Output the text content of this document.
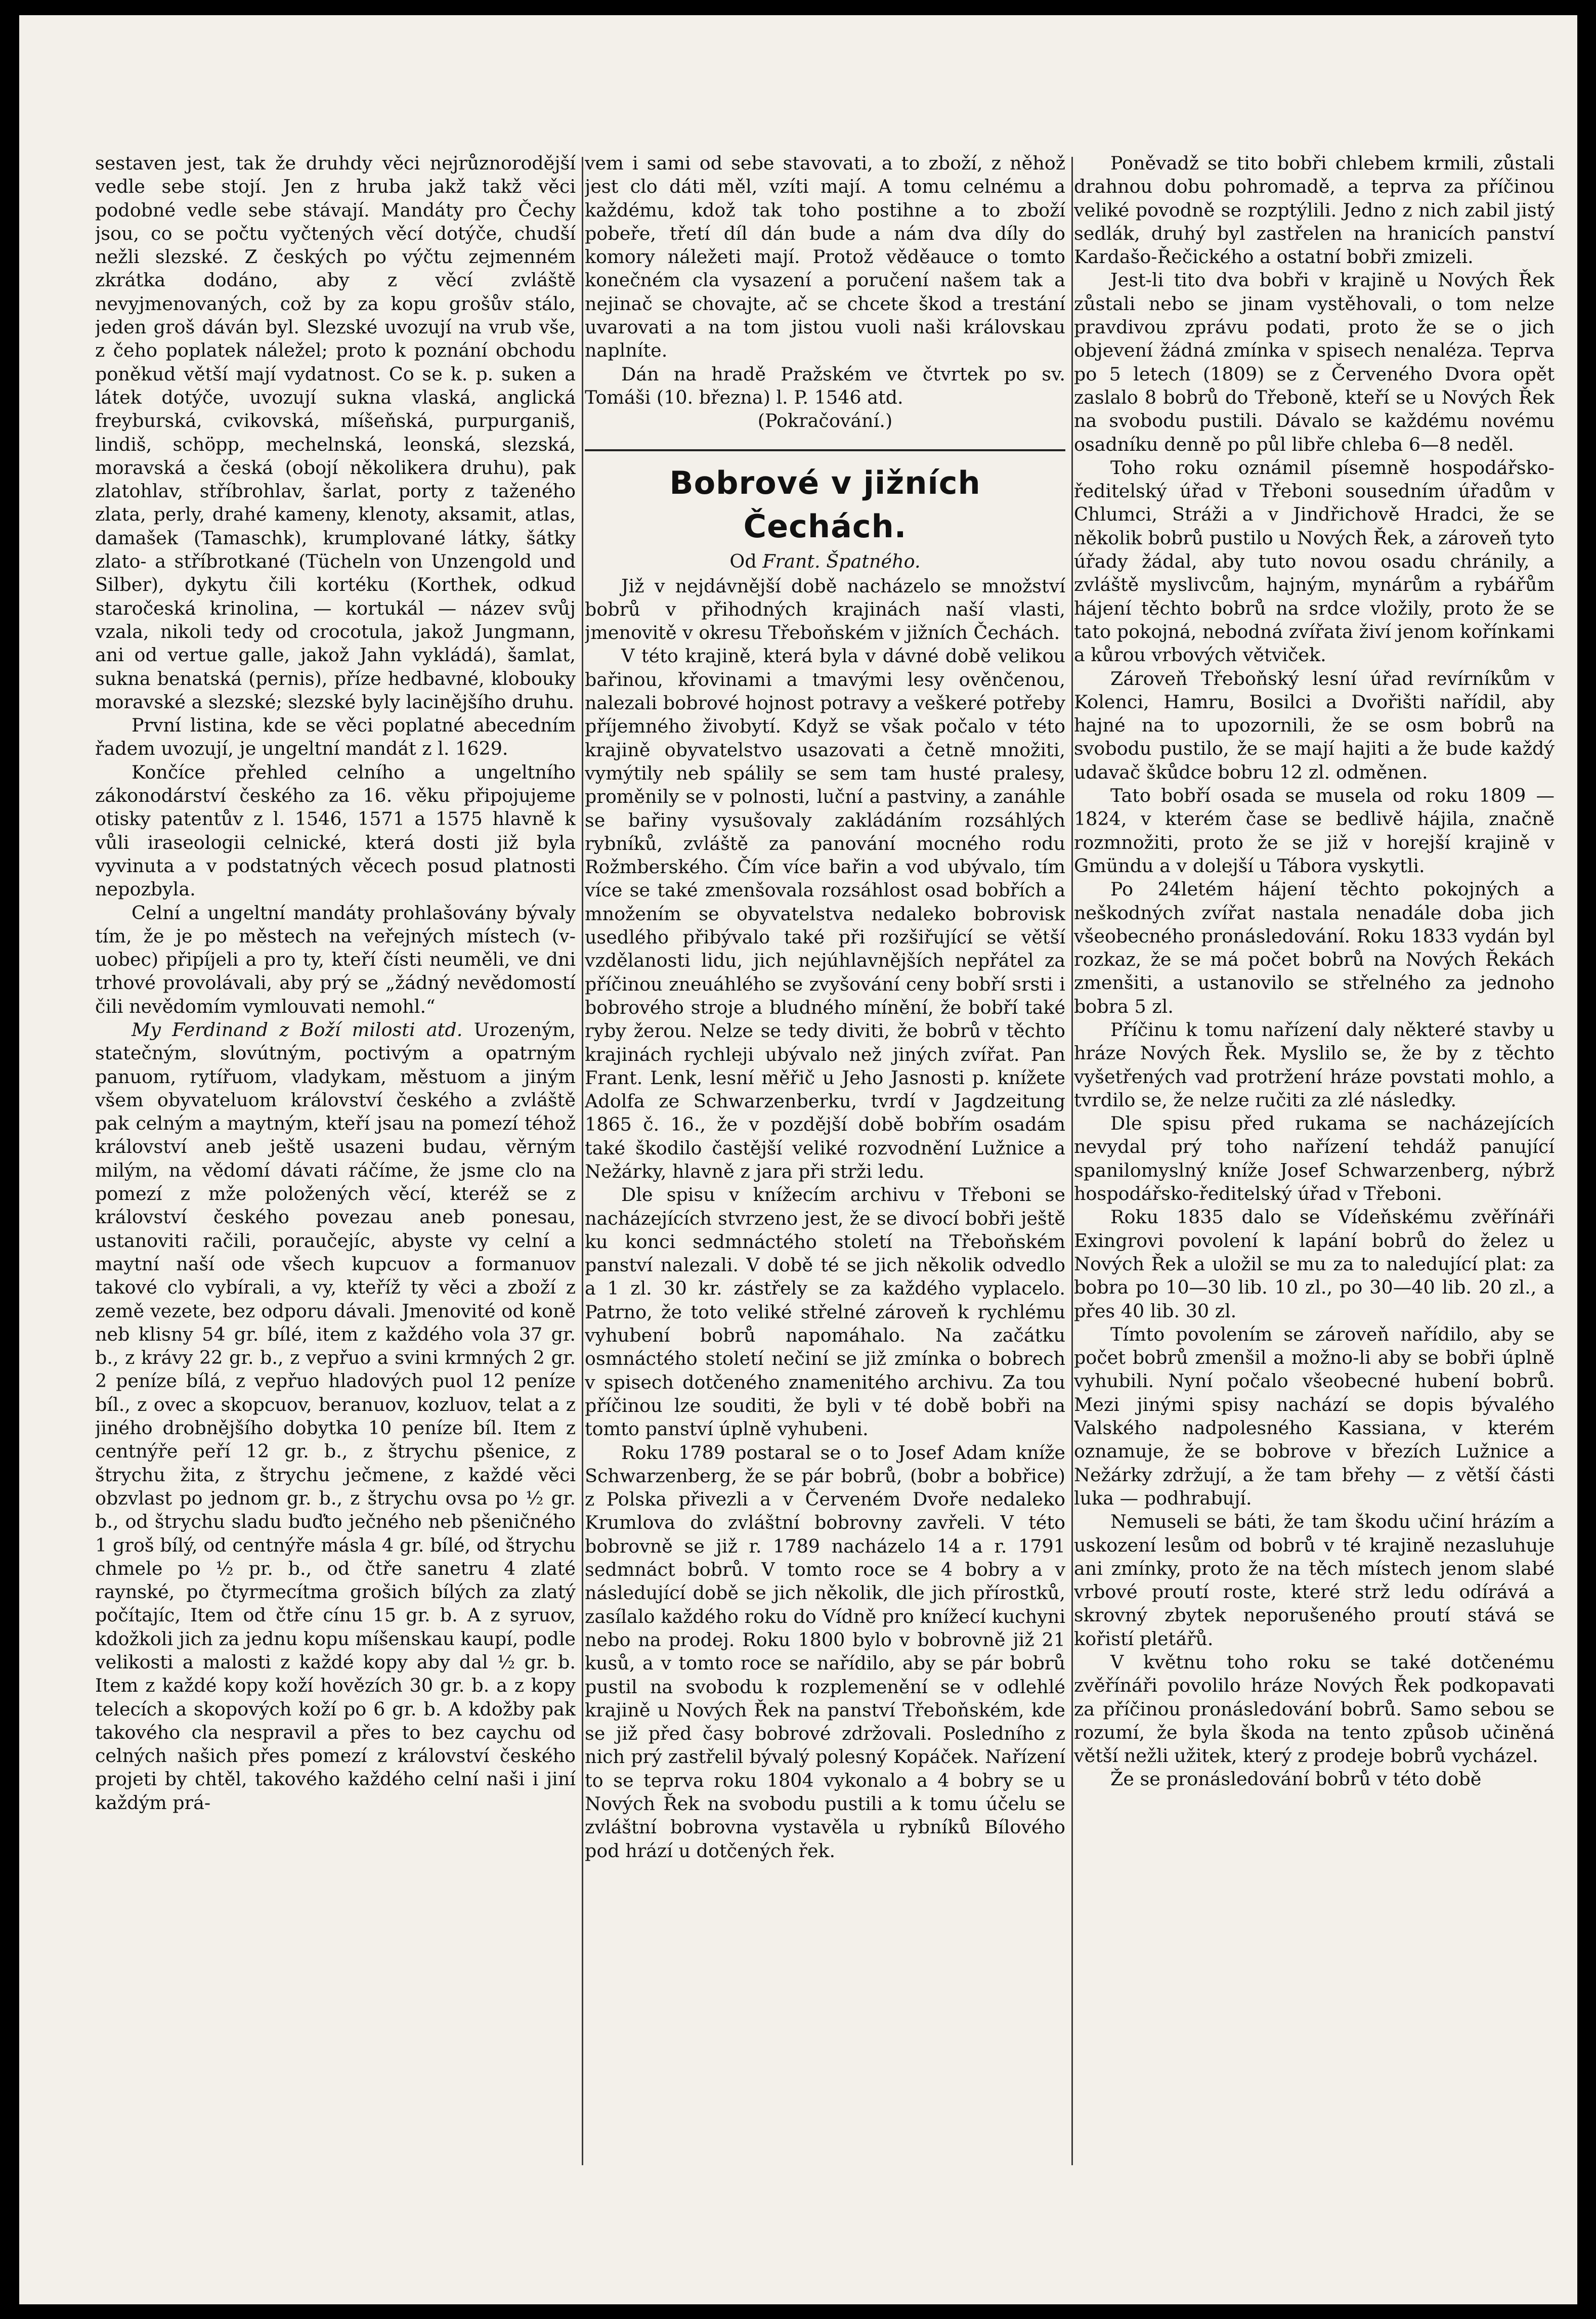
sestaven jest, tak že druhdy věci nejrůznorodější vedle sebe stojí. Jen z hruba jakž takž věci podobné vedle sebe stávají. Mandáty pro Čechy jsou, co se počtu vyčtených věcí dotýče, chudší nežli slezské. Z českých po výčtu zejmenném zkrátka dodáno, aby z věcí zvláště nevyjmenovaných, což by za kopu grošův stálo, jeden groš dáván byl. Slezské uvozují na vrub vše, z čeho poplatek náležel; proto k poznání obchodu poněkud větší mají vydatnost. Co se k. p. suken a látek dotýče, uvozují sukna vlaská, anglická freyburská, cvikovská, míšeňská, purpurganiš, lindiš, schöpp, mechelnská, leonská, slezská, moravská a česká (obojí několikera druhu), pak zlatohlav, stříbrohlav, šarlat, porty z taženého zlata, perly, drahé kameny, klenoty, aksamit, atlas, damašek (Tamaschk), krumplované látky, šátky zlato- a stříbrotkané (Tücheln von Unzengold und Silber), dykytu čili kortéku (Korthek, odkud staročeská krinolina, — kortukál — název svůj vzala, nikoli tedy od crocotula, jakož Jungmann, ani od vertue galle, jakož Jahn vykládá), šamlat, sukna benatská (pernis), příze hedbavné, klobouky moravské a slezské; slezské byly lacinějšího druhu.

První listina, kde se věci poplatné abecedním řadem uvozují, je ungeltní mandát z l. 1629.

Končíce přehled celního a ungeltního zákonodárství českého za 16. věku připojujeme otisky patentův z l. 1546, 1571 a 1575 hlavně k vůli iraseologii celnické, která dosti již byla vyvinuta a v podstatných věcech posud platnosti nepozbyla.

Celní a ungeltní mandáty prohlašovány bývaly tím, že je po městech na veřejných místech (v-uobec) připíjeli a pro ty, kteří čísti neuměli, ve dni trhové provolávali, aby prý se „žádný nevědomostí čili nevědomím vymlouvati nemohl.“

My Ferdinand z Boží milosti atd. Urozeným, statečným, slovútným, poctivým a opatrným panuom, rytířuom, vladykam, městuom a jiným všem obyvateluom království českého a zvláště pak celným a maytným, kteří jsau na pomezí téhož království aneb ještě usazeni budau, věrným milým, na vědomí dávati ráčíme, že jsme clo na pomezí z mže položených věcí, kteréž se z království českého povezau aneb ponesau, ustanoviti račili, poraučejíc, abyste vy celní a maytní naší ode všech kupcuov a formanuov takové clo vybírali, a vy, kteříž ty věci a zboží z země vezete, bez odporu dávali. Jmenovité od koně neb klisny 54 gr. bílé, item z každého vola 37 gr. b., z krávy 22 gr. b., z vepřuo a svini krmných 2 gr. 2 peníze bílá, z vepřuo hladových puol 12 peníze bíl., z ovec a skopcuov, beranuov, kozluov, telat a z jiného drobnějšího dobytka 10 peníze bíl. Item z centnýře peří 12 gr. b., z štrychu pšenice, z štrychu žita, z štrychu ječmene, z každé věci obzvlast po jednom gr. b., z štrychu ovsa po ½ gr. b., od štrychu sladu buďto ječného neb pšeničného 1 groš bílý, od centnýře másla 4 gr. bílé, od štrychu chmele po ½ pr. b., od čtře sanetru 4 zlaté raynské, po čtyrmecítma grošich bílých za zlatý počítajíc, Item od čtře cínu 15 gr. b. A z syruov, kdožkoli jich za jednu kopu míšenskau kaupí, podle velikosti a malosti z každé kopy aby dal ½ gr. b. Item z každé kopy koží hovězích 30 gr. b. a z kopy telecích a skopových koží po 6 gr. b. A kdožby pak takového cla nespravil a přes to bez caychu od celných našich přes pomezí z království českého projeti by chtěl, takového každého celní naši i jiní každým prá-

vem i sami od sebe stavovati, a to zboží, z něhož jest clo dáti měl, vzíti mají. A tomu celnému a každému, kdož tak toho postihne a to zboží pobeře, třetí díl dán bude a nám dva díly do komory náležeti mají. Protož věděauce o tomto konečném cla vysazení a poručení našem tak a nejinač se chovajte, ač se chcete škod a trestání uvarovati a na tom jistou vuoli naši královskau naplníte.

Dán na hradě Pražském ve čtvrtek po sv. Tomáši (10. března) l. P. 1546 atd.

(Pokračování.)

Bobrové v jižních Čechách.

Od Frant. Špatného.

Již v nejdávnější době nacházelo se množství bobrů v přihodných krajinách naší vlasti, jmenovitě v okresu Třeboňském v jižních Čechách.

V této krajině, která byla v dávné době velikou bařinou, křovinami a tmavými lesy ověnčenou, nalezali bobrové hojnost potravy a veškeré potřeby příjemného živobytí. Když se však počalo v této krajině obyvatelstvo usazovati a četně množiti, vymýtily neb spálily se sem tam husté pralesy, proměnily se v polnosti, luční a pastviny, a zanáhle se bařiny vysušovaly zakládáním rozsáhlých rybníků, zvláště za panování mocného rodu Rožmberského. Čím více bařin a vod ubývalo, tím více se také zmenšovala rozsáhlost osad bobřích a množením se obyvatelstva nedaleko bobrovisk usedlého přibývalo také při rozšiřující se větší vzdělanosti lidu, jich nejúhlavnějších nepřátel za příčinou zneuáhlého se zvyšování ceny bobří srsti i bobrového stroje a bludného mínění, že bobří také ryby žerou. Nelze se tedy diviti, že bobrů v těchto krajinách rychleji ubývalo než jiných zvířat. Pan Frant. Lenk, lesní měřič u Jeho Jasnosti p. knížete Adolfa ze Schwarzenberku, tvrdí v Jagdzeitung 1865 č. 16., že v pozdější době bobřím osadám také škodilo častější veliké rozvodnění Lužnice a Nežárky, hlavně z jara při strži ledu.

Dle spisu v knížecím archivu v Třeboni se nacházejících stvrzeno jest, že se divocí bobři ještě ku konci sedmnáctého století na Třeboňském panství nalezali. V době té se jich několik odvedlo a 1 zl. 30 kr. zástřely se za každého vyplacelo. Patrno, že toto veliké střelné zároveň k rychlému vyhubení bobrů napomáhalo. Na začátku osmnáctého století nečiní se již zmínka o bobrech v spisech dotčeného znamenitého archivu. Za tou příčinou lze souditi, že byli v té době bobři na tomto panství úplně vyhubeni.

Roku 1789 postaral se o to Josef Adam kníže Schwarzenberg, že se pár bobrů, (bobr a bobřice) z Polska přivezli a v Červeném Dvoře nedaleko Krumlova do zvláštní bobrovny zavřeli. V této bobrovně se již r. 1789 nacházelo 14 a r. 1791 sedmnáct bobrů. V tomto roce se 4 bobry a v následující době se jich několik, dle jich přírostků, zasílalo každého roku do Vídně pro knížecí kuchyni nebo na prodej. Roku 1800 bylo v bobrovně již 21 kusů, a v tomto roce se nařídilo, aby se pár bobrů pustil na svobodu k rozplemenění se v odlehlé krajině u Nových Řek na panství Třeboňském, kde se již před časy bobrové zdržovali. Posledního z nich prý zastřelil bývalý polesný Kopáček. Nařízení to se teprva roku 1804 vykonalo a 4 bobry se u Nových Řek na svobodu pustili a k tomu účelu se zvláštní bobrovna vystavěla u rybníků Bílového pod hrází u dotčených řek.

Poněvadž se tito bobři chlebem krmili, zůstali drahnou dobu pohromadě, a teprva za příčinou veliké povodně se rozptýlili. Jedno z nich zabil jistý sedlák, druhý byl zastřelen na hranicích panství Kardašo-Řečického a ostatní bobři zmizeli.

Jest-li tito dva bobři v krajině u Nových Řek zůstali nebo se jinam vystěhovali, o tom nelze pravdivou zprávu podati, proto že se o jich objevení žádná zmínka v spisech nenaléza. Teprva po 5 letech (1809) se z Červeného Dvora opět zaslalo 8 bobrů do Třeboně, kteří se u Nových Řek na svobodu pustili. Dávalo se každému novému osadníku denně po půl libře chleba 6—8 neděl.

Toho roku oznámil písemně hospodářsko-ředitelský úřad v Třeboni sousedním úřadům v Chlumci, Stráži a v Jindřichově Hradci, že se několik bobrů pustilo u Nových Řek, a zároveň tyto úřady žádal, aby tuto novou osadu chránily, a zvláště myslivcům, hajným, mynárům a rybářům hájení těchto bobrů na srdce vložily, proto že se tato pokojná, nebodná zvířata živí jenom kořínkami a kůrou vrbových větviček.

Zároveň Třeboňský lesní úřad revírníkům v Kolenci, Hamru, Bosilci a Dvořišti nařídil, aby hajné na to upozornili, že se osm bobrů na svobodu pustilo, že se mají hajiti a že bude každý udavač škůdce bobru 12 zl. odměnen.

Tato bobří osada se musela od roku 1809 — 1824, v kterém čase se bedlivě hájila, značně rozmnožiti, proto že se již v horejší krajině v Gmündu a v dolejší u Tábora vyskytli.

Po 24letém hájení těchto pokojných a neškodných zvířat nastala nenadále doba jich všeobecného pronásledování. Roku 1833 vydán byl rozkaz, že se má počet bobrů na Nových Řekách zmenšiti, a ustanovilo se střelného za jednoho bobra 5 zl.

Příčinu k tomu nařízení daly některé stavby u hráze Nových Řek. Myslilo se, že by z těchto vyšetřených vad protržení hráze povstati mohlo, a tvrdilo se, že nelze ručiti za zlé následky.

Dle spisu před rukama se nacházejících nevydal prý toho nařízení tehdáž panující spanilomyslný kníže Josef Schwarzenberg, nýbrž hospodářsko-ředitelský úřad v Třeboni.

Roku 1835 dalo se Vídeňskému zvěřínáři Exingrovi povolení k lapání bobrů do želez u Nových Řek a uložil se mu za to naledující plat: za bobra po 10—30 lib. 10 zl., po 30—40 lib. 20 zl., a přes 40 lib. 30 zl.

Tímto povolením se zároveň nařídilo, aby se počet bobrů zmenšil a možno-li aby se bobři úplně vyhubili. Nyní počalo všeobecné hubení bobrů. Mezi jinými spisy nachází se dopis bývalého Valského nadpolesného Kassiana, v kterém oznamuje, že se bobrove v březích Lužnice a Nežárky zdržují, a že tam břehy — z větší části luka — podhrabují.

Nemuseli se báti, že tam škodu učiní hrázím a uskození lesům od bobrů v té krajině nezasluhuje ani zmínky, proto že na těch místech jenom slabé vrbové proutí roste, které strž ledu odírává a skrovný zbytek neporušeného proutí stává se kořistí pletářů.

V květnu toho roku se také dotčenému zvěřínáři povolilo hráze Nových Řek podkopavati za příčinou pronásledování bobrů. Samo sebou se rozumí, že byla škoda na tento způsob učiněná větší nežli užitek, který z prodeje bobrů vycházel.

Že se pronásledování bobrů v této době
